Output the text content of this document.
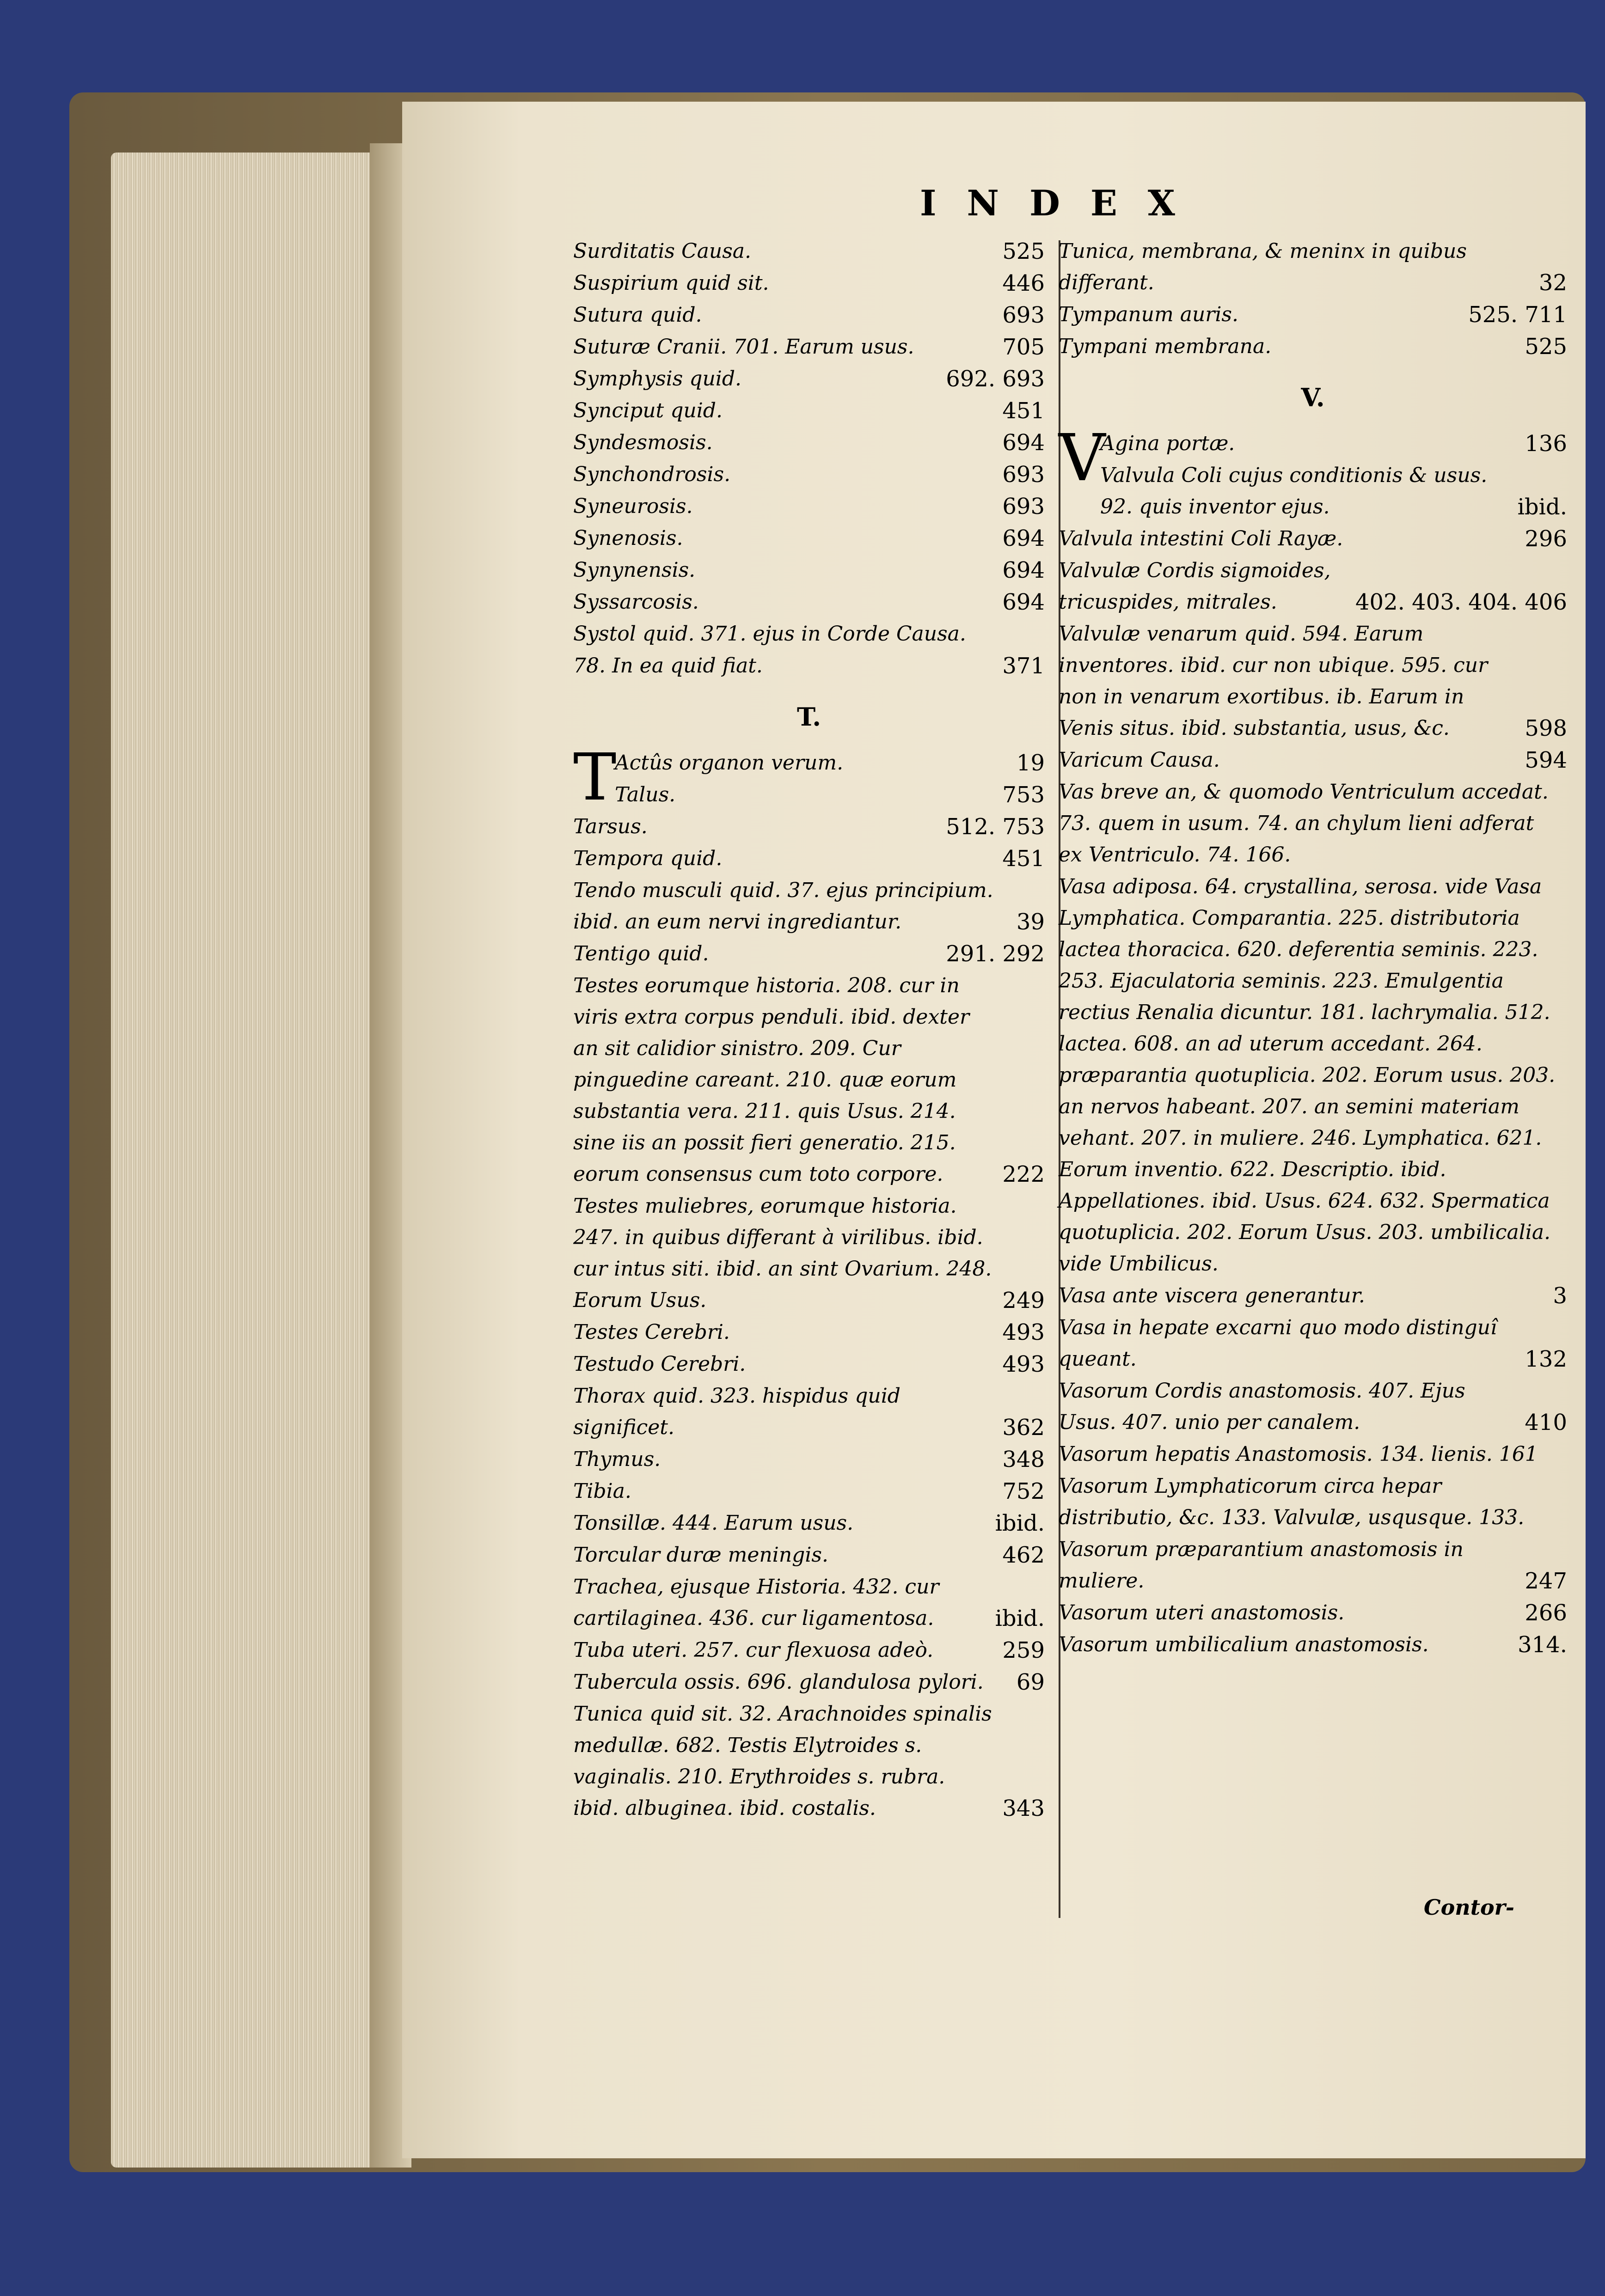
INDEX
Surditatis Causa.	525
Suspirium quid sit.	446
Sutura quid.	693
Suturæ Cranii. 701. Earum usus.	705
Symphysis quid.	692. 693
Synciput quid.	451
Syndesmosis.	694
Synchondrosis.	693
Syneurosis.	693
Synenosis.	694
Synynensis.	694
Syssarcosis.	694
Systol quid. 371. ejus in Corde Causa.
78. In ea quid fiat.	371
T.
T
Actûs organon verum.	19
Talus.	753
Tarsus.	512. 753
Tempora quid.	451
Tendo musculi quid. 37. ejus principium. ibid. an eum nervi ingrediantur.	39
Tentigo quid.	291. 292
Testes eorumque historia. 208. cur in viris extra corpus penduli. ibid. dexter an sit calidior sinistro. 209. Cur pinguedine careant. 210. quæ eorum substantia vera. 211. quis Usus. 214. sine iis an possit fieri generatio. 215. eorum consensus cum toto corpore.	222
Testes muliebres, eorumque historia. 247. in quibus differant à virilibus. ibid. cur intus siti. ibid. an sint Ovarium. 248. Eorum Usus.	249
Testes Cerebri.	493
Testudo Cerebri.	493
Thorax quid. 323. hispidus quid significet.	362
Thymus.	348
Tibia.	752
Tonsillæ. 444. Earum usus.	ibid.
Torcular duræ meningis.	462
Trachea, ejusque Historia. 432. cur cartilaginea. 436. cur ligamentosa.	ibid.
Tuba uteri. 257. cur flexuosa adeò.	259
Tubercula ossis. 696. glandulosa pylori.	69
Tunica quid sit. 32. Arachnoides spinalis medullæ. 682. Testis Elytroides s. vaginalis. 210. Erythroides s. rubra. ibid. albuginea. ibid. costalis.	343
Tunica, membrana, & meninx in quibus differant.	32
Tympanum auris.	525. 711
Tympani membrana.	525
V.
V
Agina portæ.	136
Valvula Coli cujus conditionis & usus. 92. quis inventor ejus.	ibid.
Valvula intestini Coli Rayæ.	296
Valvulæ Cordis sigmoides, tricuspides, mitrales.	402. 403. 404. 406
Valvulæ venarum quid. 594. Earum inventores. ibid. cur non ubique. 595. cur non in venarum exortibus. ib. Earum in Venis situs. ibid. substantia, usus, &c.	598
Varicum Causa.	594
Vas breve an, & quomodo Ventriculum accedat. 73. quem in usum. 74. an chylum lieni adferat ex Ventriculo. 74. 166.
Vasa adiposa. 64. crystallina, serosa. vide Vasa Lymphatica. Comparantia. 225. distributoria lactea thoracica. 620. deferentia seminis. 223. 253. Ejaculatoria seminis. 223. Emulgentia rectius Renalia dicuntur. 181. lachrymalia. 512. lactea. 608. an ad uterum accedant. 264. præparantia quotuplicia. 202. Eorum usus. 203. an nervos habeant. 207. an semini materiam vehant. 207. in muliere. 246. Lymphatica. 621. Eorum inventio. 622. Descriptio. ibid. Appellationes. ibid. Usus. 624. 632. Spermatica quotuplicia. 202. Eorum Usus. 203. umbilicalia. vide Umbilicus.
Vasa ante viscera generantur.	3
Vasa in hepate excarni quo modo distinguî queant.	132
Vasorum Cordis anastomosis. 407. Ejus Usus. 407. unio per canalem.	410
Vasorum hepatis Anastomosis. 134. lienis. 161
Vasorum Lymphaticorum circa hepar distributio, &c. 133. Valvulæ, usqusque. 133.
Vasorum præparantium anastomosis in muliere.	247
Vasorum uteri anastomosis.	266
Vasorum umbilicalium anastomosis.	314.
Contor-
